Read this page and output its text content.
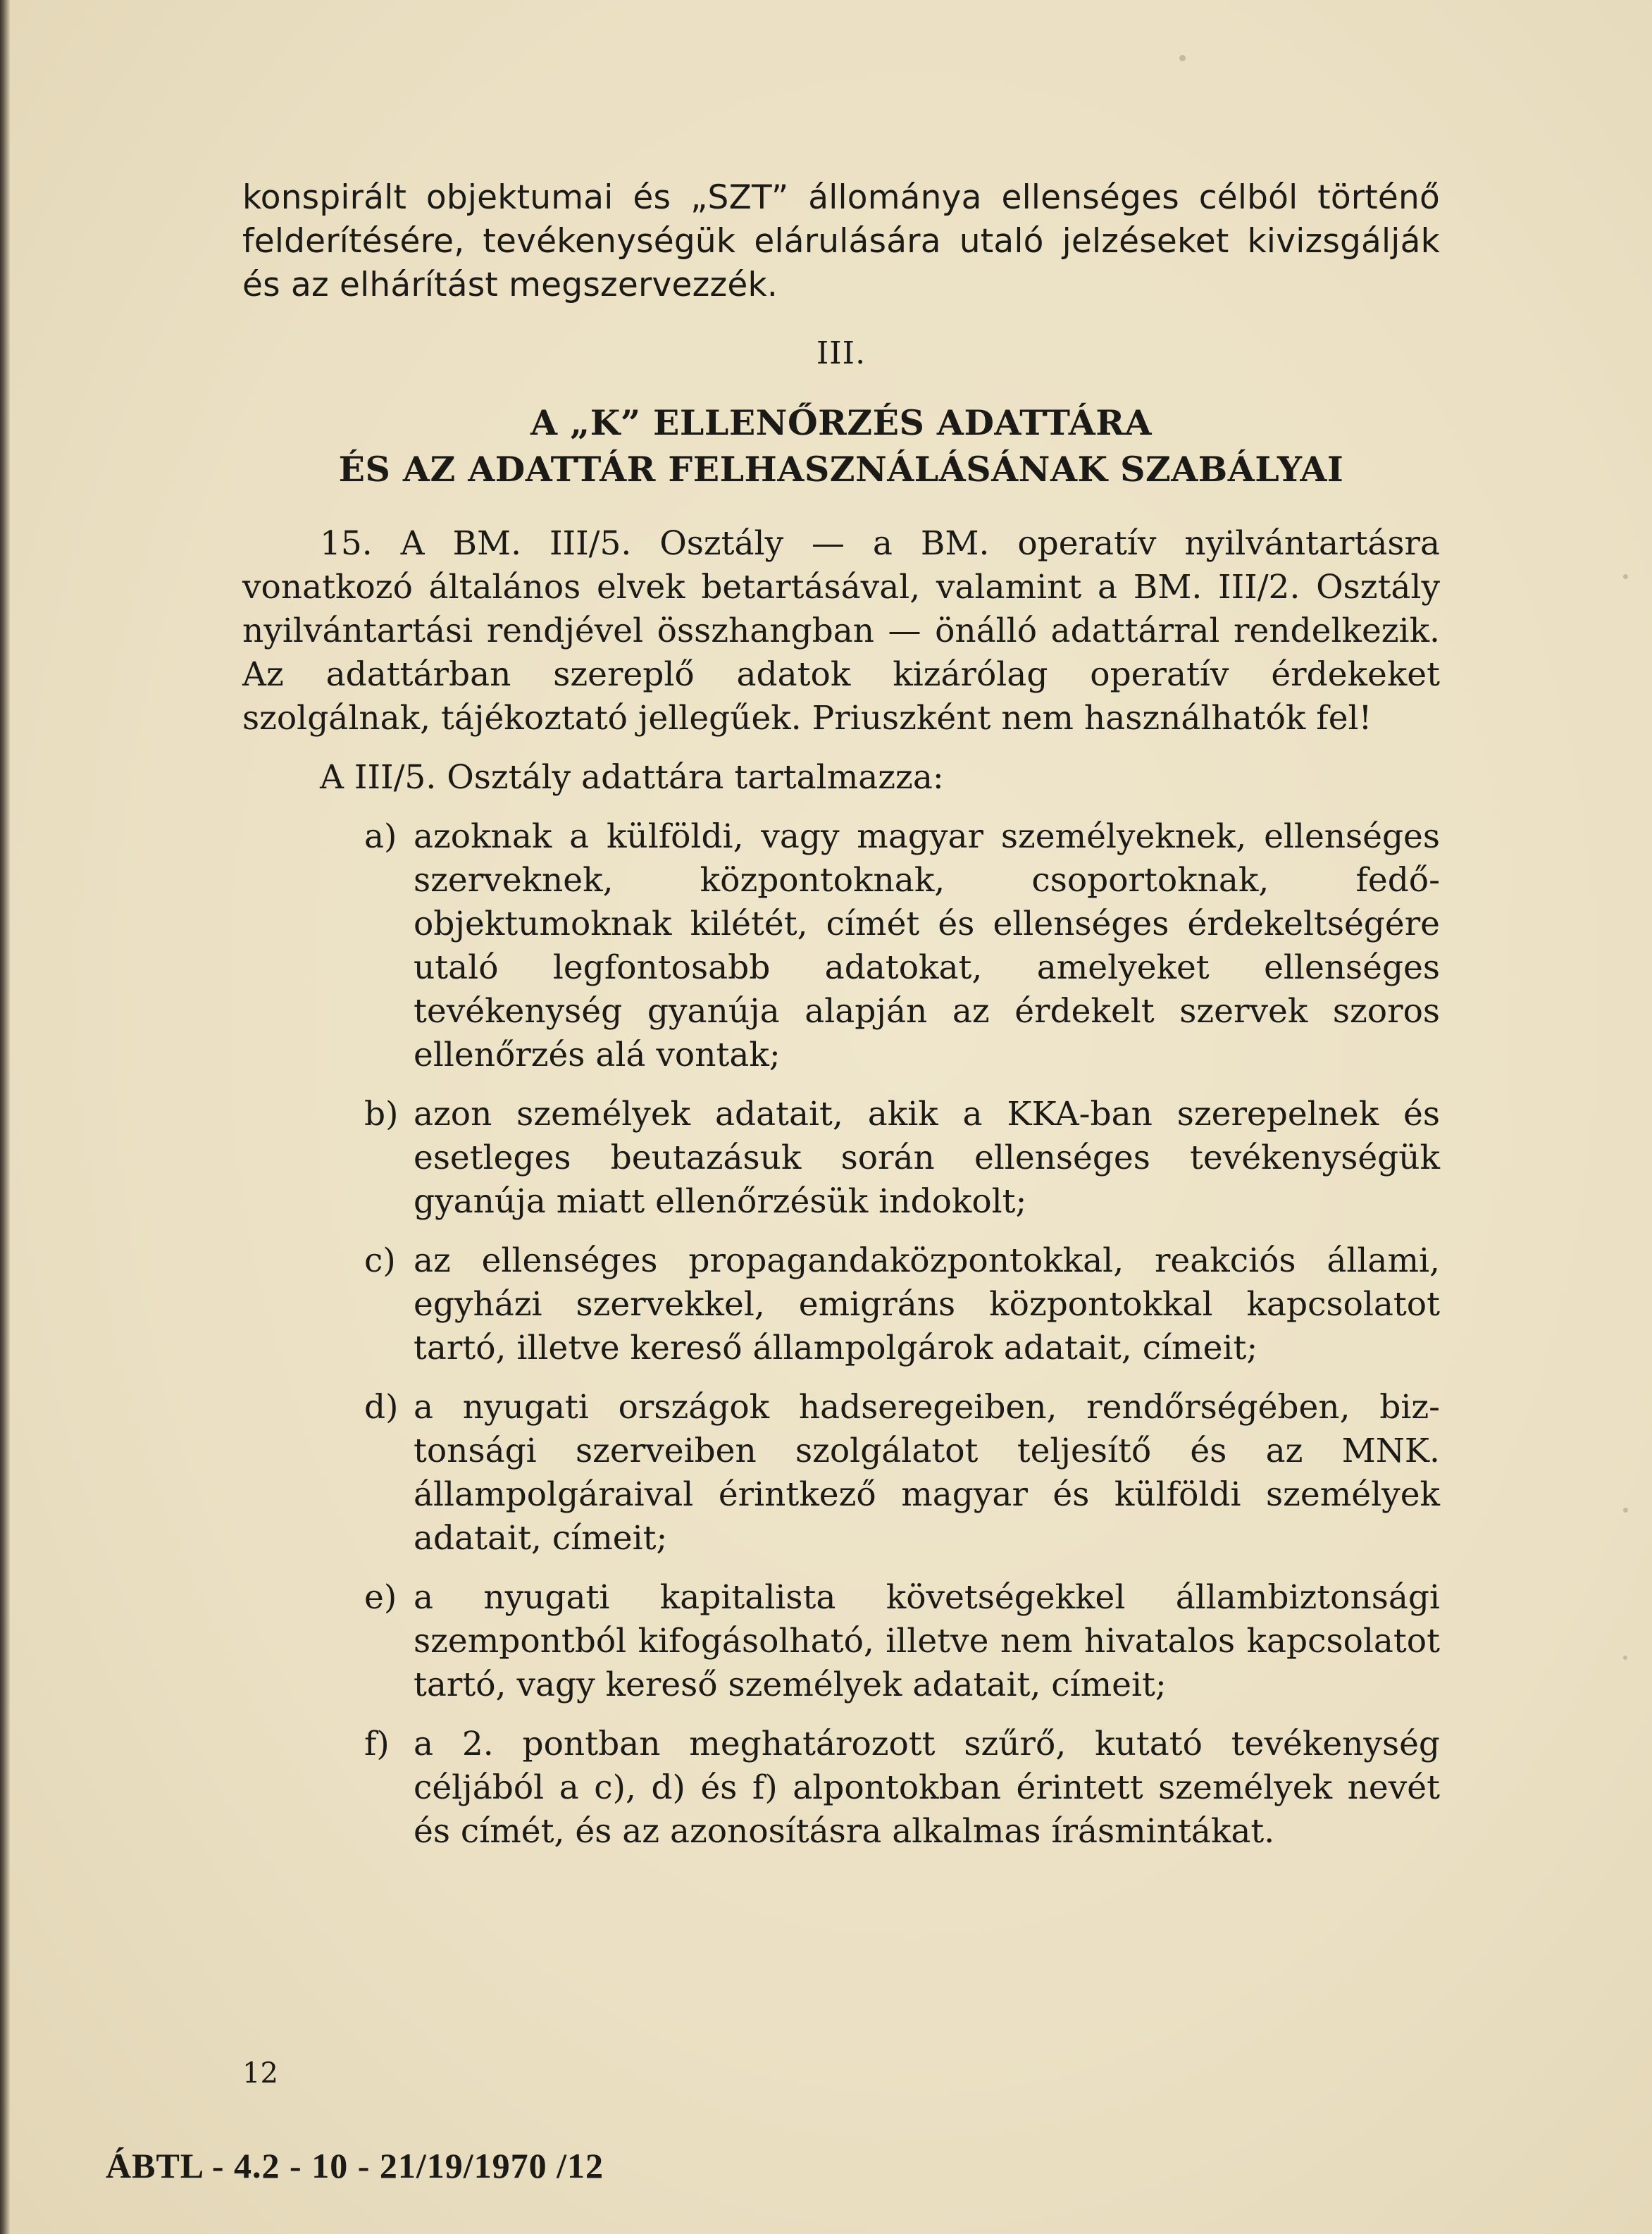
konspirált objektumai és „SZT” állománya ellenséges célból történő felderítésére, tevékenységük elárulására utaló jelzéseket kivizsgálják és az elhárítást megszervezzék.

III.

A „K” ELLENŐRZÉS ADATTÁRA
ÉS AZ ADATTÁR FELHASZNÁLÁSÁNAK SZABÁLYAI

15. A BM. III/5. Osztály — a BM. operatív nyilvántartásra vonatkozó általános elvek betartásával, valamint a BM. III/2. Osztály nyilvántartási rendjével összhangban — önálló adattárral rendelkezik. Az adattárban szereplő adatok kizárólag operatív érdekeket szolgálnak, tájékoztató jellegűek. Priuszként nem használhatók fel!

A III/5. Osztály adattára tartalmazza:

a) azoknak a külföldi, vagy magyar személyeknek, ellenséges szerveknek, központoknak, csoportoknak, fedőobjektumoknak kilétét, címét és ellenséges érdekeltségére utaló legfontosabb adatokat, amelyeket ellenséges tevékenység gyanúja alapján az érdekelt szervek szoros ellenőrzés alá vontak;
b) azon személyek adatait, akik a KKA-ban szerepelnek és esetleges beutazásuk során ellenséges tevékenységük gyanúja miatt ellenőrzésük indokolt;
c) az ellenséges propagandaközpontokkal, reakciós állami, egyházi szervekkel, emigráns központokkal kapcsolatot tartó, illetve kereső állampolgárok adatait, címeit;
d) a nyugati országok hadseregeiben, rendőrségében, biztonsági szerveiben szolgálatot teljesítő és az MNK. állampolgáraival érintkező magyar és külföldi személyek adatait, címeit;
e) a nyugati kapitalista követségekkel állambiztonsági szempontból kifogásolható, illetve nem hivatalos kapcsolatot tartó, vagy kereső személyek adatait, címeit;
f) a 2. pontban meghatározott szűrő, kutató tevékenység céljából a c), d) és f) alpontokban érintett személyek nevét és címét, és az azonosításra alkalmas írásmintákat.
12
ÁBTL - 4.2 - 10 - 21/19/1970 /12
